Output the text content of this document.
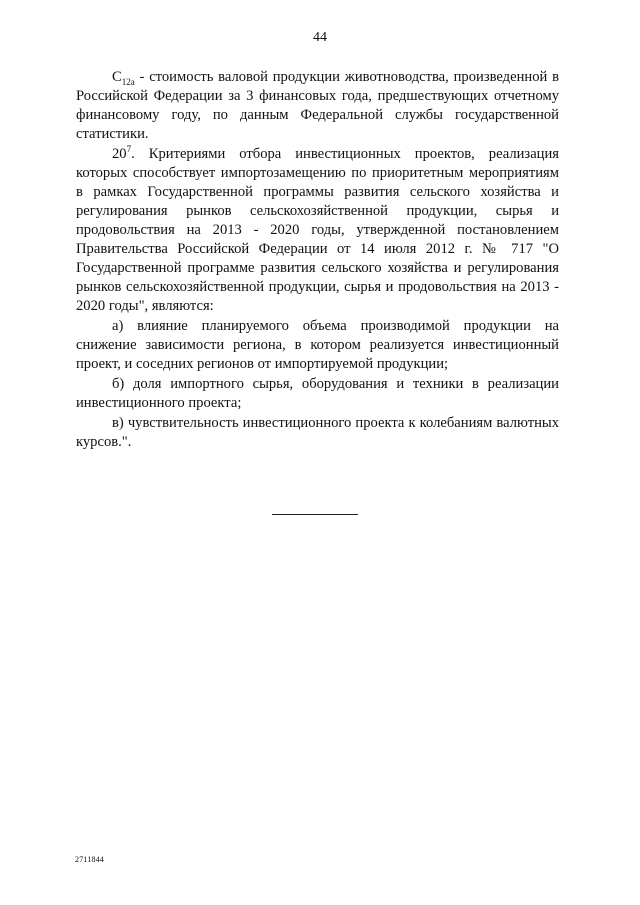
44

$С_{12а}$ - стоимость валовой продукции животноводства, произведенной в Российской Федерации за 3 финансовых года, предшествующих отчетному финансовому году, по данным Федеральной службы государственной статистики.

$20^7$. Критериями отбора инвестиционных проектов, реализация которых способствует импортозамещению по приоритетным мероприятиям в рамках Государственной программы развития сельского хозяйства и регулирования рынков сельскохозяйственной продукции, сырья и продовольствия на 2013 - 2020 годы, утвержденной постановлением Правительства Российской Федерации от 14 июля 2012 г. № 717 "О Государственной программе развития сельского хозяйства и регулирования рынков сельскохозяйственной продукции, сырья и продовольствия на 2013 - 2020 годы", являются:

а) влияние планируемого объема производимой продукции на снижение зависимости региона, в котором реализуется инвестиционный проект, и соседних регионов от импортируемой продукции;

б) доля импортного сырья, оборудования и техники в реализации инвестиционного проекта;

в) чувствительность инвестиционного проекта к колебаниям валютных курсов.".

2711844
